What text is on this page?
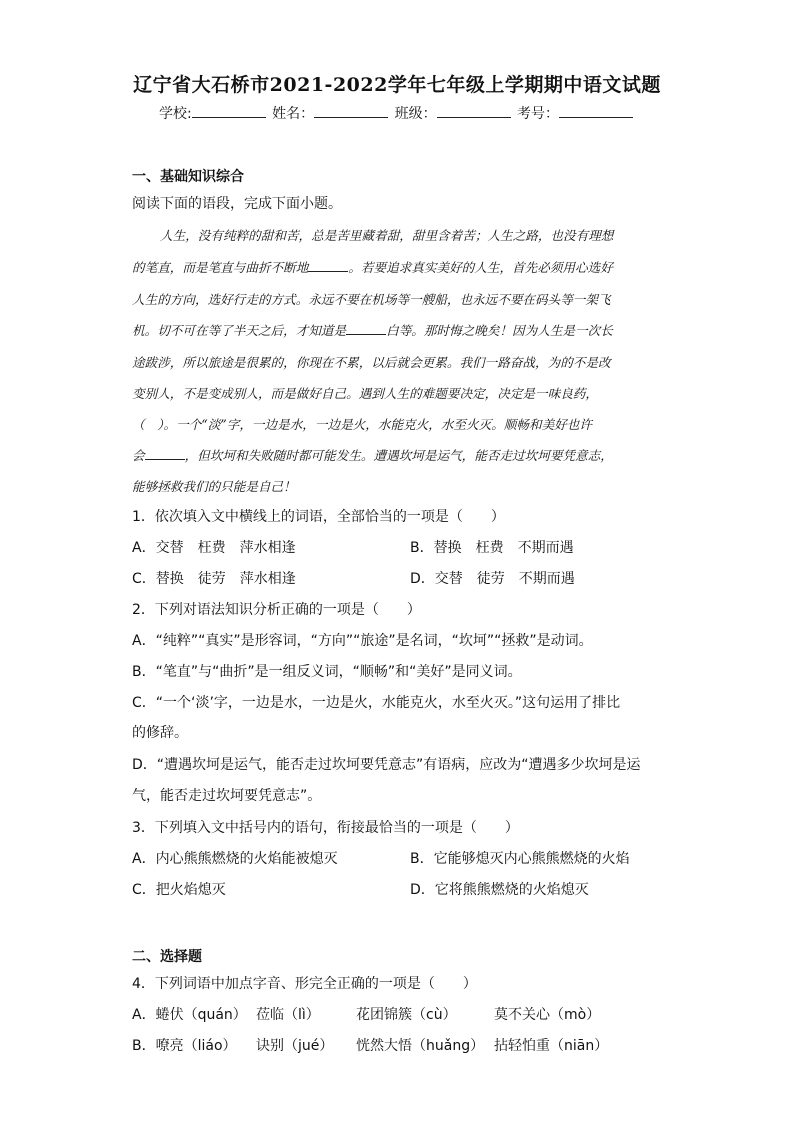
辽宁省大石桥市2021-2022学年七年级上学期期中语文试题
学校:	姓名：	班级：	考号：
一、基础知识综合
阅读下面的语段，完成下面小题。
人生，没有纯粹的甜和苦，总是苦里藏着甜，甜里含着苦；人生之路，也没有理想
的笔直，而是笔直与曲折不断地	。若要追求真实美好的人生，首先必须用心选好
人生的方向，选好行走的方式。永远不要在机场等一艘船，也永远不要在码头等一架飞
机。切不可在等了半天之后，才知道是	白等。那时悔之晚矣！因为人生是一次长
途跋涉，所以旅途是很累的，你现在不累，以后就会更累。我们一路奋战，为的不是改
变别人，不是变成别人，而是做好自己。遇到人生的难题要决定，决定是一味良药，
（　）。一个“淡”字，一边是水，一边是火，水能克火，水至火灭。顺畅和美好也许
会	，但坎坷和失败随时都可能发生。遭遇坎坷是运气，能否走过坎坷要凭意志，
能够拯救我们的只能是自己！
1．依次填入文中横线上的词语，全部恰当的一项是（　　）
A．交替　枉费　萍水相逢	B．替换　枉费　不期而遇
C．替换　徒劳　萍水相逢	D．交替　徒劳　不期而遇
2．下列对语法知识分析正确的一项是（　　）
A．“纯粹”“真实”是形容词，“方向”“旅途”是名词，“坎坷”“拯救”是动词。
B．“笔直”与“曲折”是一组反义词，“顺畅”和“美好”是同义词。
C．“一个‘淡’字，一边是水，一边是火，水能克火，水至火灭。”这句运用了排比
的修辞。
D．“遭遇坎坷是运气，能否走过坎坷要凭意志”有语病，应改为“遭遇多少坎坷是运
气，能否走过坎坷要凭意志”。
3．下列填入文中括号内的语句，衔接最恰当的一项是（　　）
A．内心熊熊燃烧的火焰能被熄灭	B．它能够熄灭内心熊熊燃烧的火焰
C．把火焰熄灭	D．它将熊熊燃烧的火焰熄灭
二、选择题
4．下列词语中加点字音、形完全正确的一项是（　　）
A．蜷伏（quán） 莅临（lì）	花团锦簇（cù）	莫不关心（mò）
B．嘹亮（liáo） 诀别（jué） 恍然大悟（huǎng） 拈轻怕重（niān）
